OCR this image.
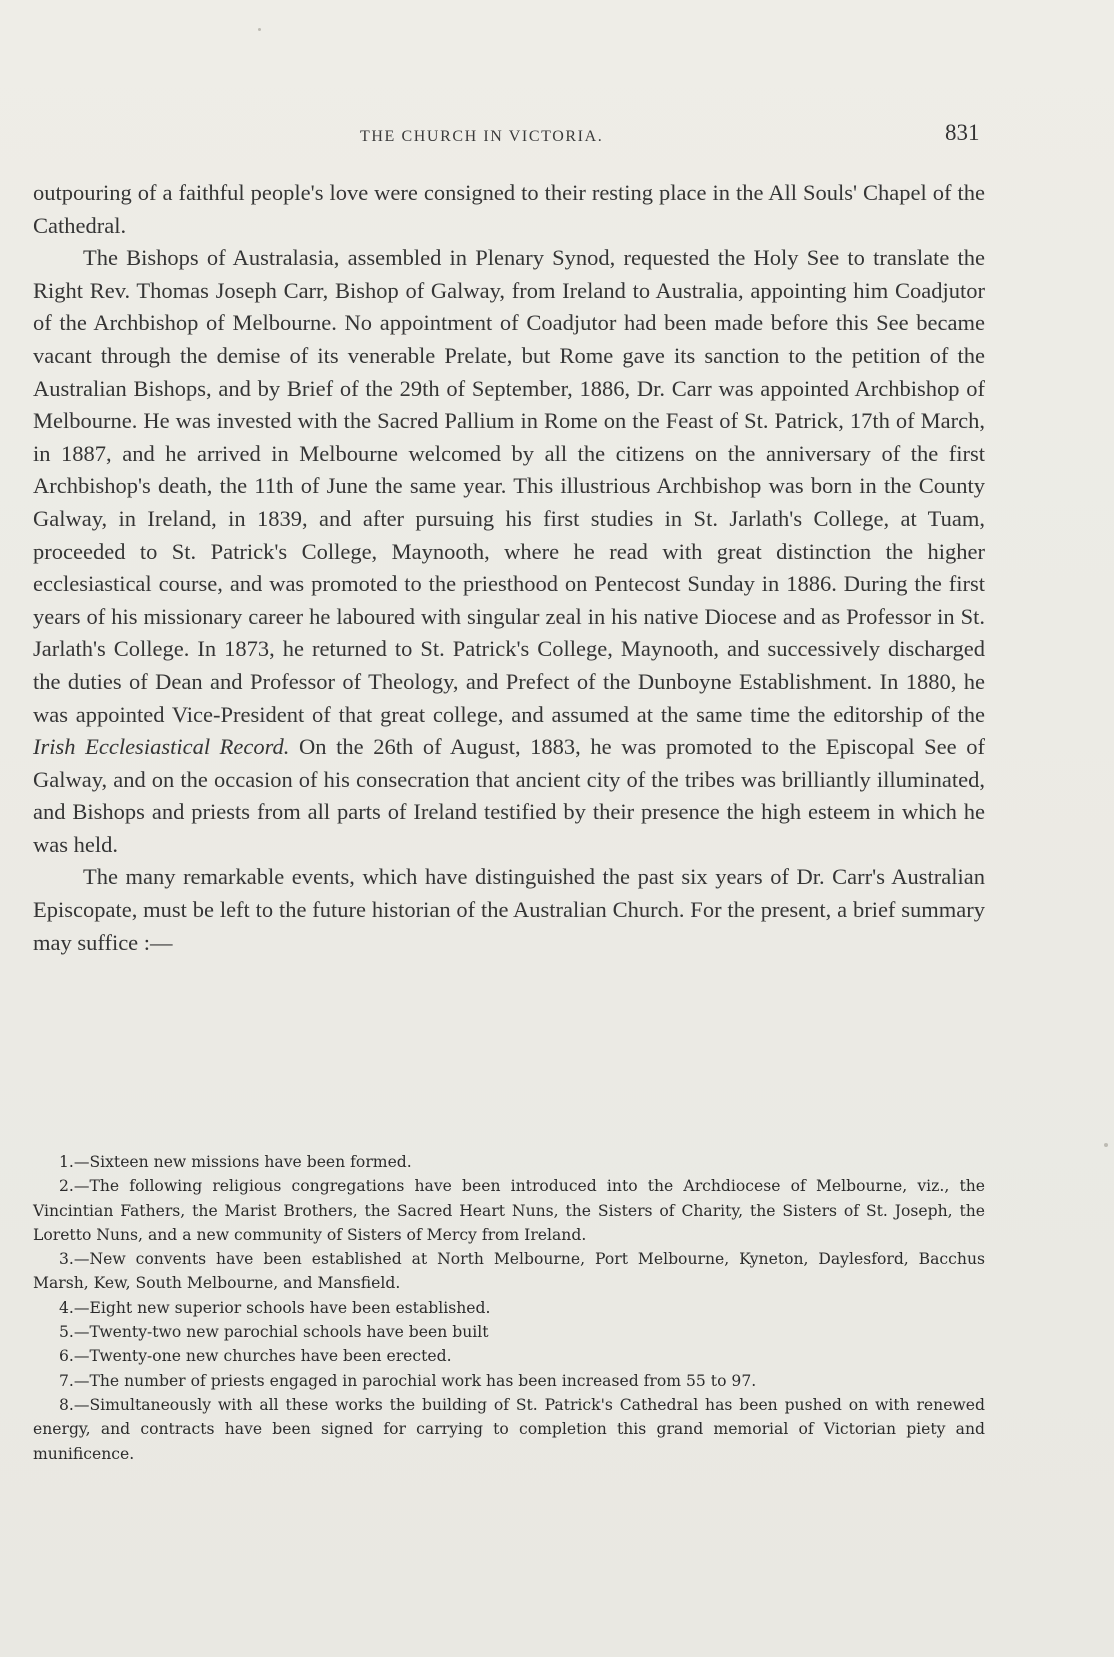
THE CHURCH IN VICTORIA.	831

outpouring of a faithful people's love were consigned to their resting place in the All Souls' Chapel of the Cathedral.

The Bishops of Australasia, assembled in Plenary Synod, requested the Holy See to translate the Right Rev. Thomas Joseph Carr, Bishop of Galway, from Ireland to Australia, appointing him Coadjutor of the Archbishop of Melbourne. No appointment of Coadjutor had been made before this See became vacant through the demise of its venerable Prelate, but Rome gave its sanction to the petition of the Australian Bishops, and by Brief of the 29th of September, 1886, Dr. Carr was appointed Archbishop of Melbourne. He was invested with the Sacred Pallium in Rome on the Feast of St. Patrick, 17th of March, in 1887, and he arrived in Melbourne welcomed by all the citizens on the anniversary of the first Archbishop's death, the 11th of June the same year. This illustrious Archbishop was born in the County Galway, in Ireland, in 1839, and after pursuing his first studies in St. Jarlath's College, at Tuam, proceeded to St. Patrick's College, Maynooth, where he read with great distinction the higher ecclesiastical course, and was promoted to the priesthood on Pentecost Sunday in 1886. During the first years of his missionary career he laboured with singular zeal in his native Diocese and as Professor in St. Jarlath's College. In 1873, he returned to St. Patrick's College, Maynooth, and successively discharged the duties of Dean and Professor of Theology, and Prefect of the Dunboyne Establishment. In 1880, he was appointed Vice-President of that great college, and assumed at the same time the editorship of the Irish Ecclesiastical Record. On the 26th of August, 1883, he was promoted to the Episcopal See of Galway, and on the occasion of his consecration that ancient city of the tribes was brilliantly illuminated, and Bishops and priests from all parts of Ireland testified by their presence the high esteem in which he was held.

The many remarkable events, which have distinguished the past six years of Dr. Carr's Australian Episcopate, must be left to the future historian of the Australian Church. For the present, a brief summary may suffice :—

1.—Sixteen new missions have been formed.

2.—The following religious congregations have been introduced into the Archdiocese of Melbourne, viz., the Vincintian Fathers, the Marist Brothers, the Sacred Heart Nuns, the Sisters of Charity, the Sisters of St. Joseph, the Loretto Nuns, and a new community of Sisters of Mercy from Ireland.

3.—New convents have been established at North Melbourne, Port Melbourne, Kyneton, Daylesford, Bacchus Marsh, Kew, South Melbourne, and Mansfield.

4.—Eight new superior schools have been established.

5.—Twenty-two new parochial schools have been built

6.—Twenty-one new churches have been erected.

7.—The number of priests engaged in parochial work has been increased from 55 to 97.

8.—Simultaneously with all these works the building of St. Patrick's Cathedral has been pushed on with renewed energy, and contracts have been signed for carrying to completion this grand memorial of Victorian piety and munificence.
